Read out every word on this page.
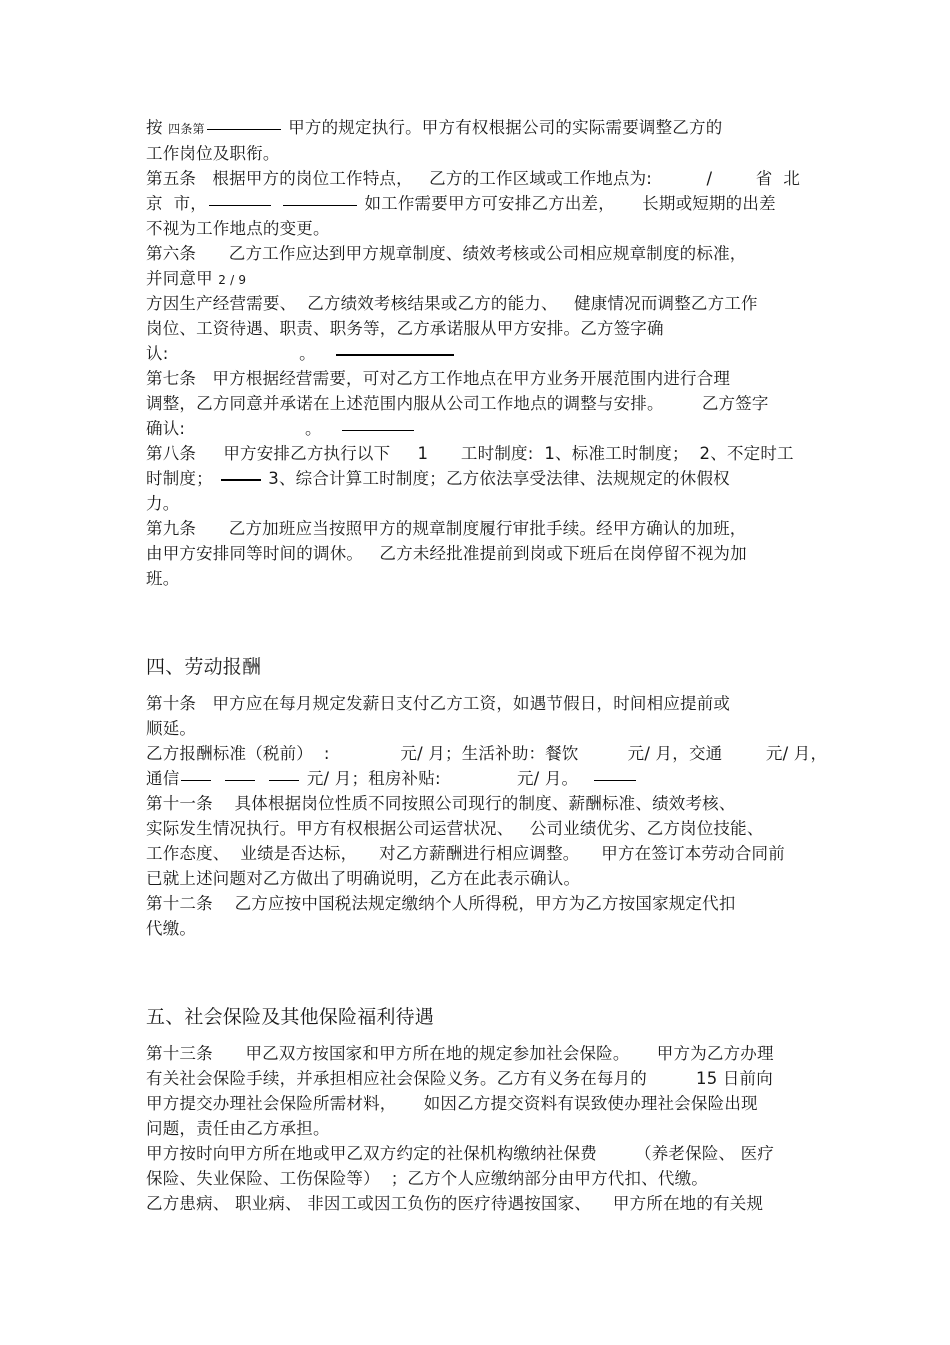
按 四条第	甲方的规定执行。甲方有权根据公司的实际需要调整乙方的
工作岗位及职衔。
第五条   根据甲方的岗位工作特点，   乙方的工作区域或工作地点为:          /        省  北
京  市，	如工作需要甲方可安排乙方出差，     长期或短期的出差
不视为工作地点的变更。
第六条      乙方工作应达到甲方规章制度、绩效考核或公司相应规章制度的标准，
并同意甲 2 / 9
方因生产经营需要、  乙方绩效考核结果或乙方的能力、   健康情况而调整乙方工作
岗位、工资待遇、职责、职务等，乙方承诺服从甲方安排。乙方签字确
认:                        。
第七条   甲方根据经营需要，可对乙方工作地点在甲方业务开展范围内进行合理
调整，乙方同意并承诺在上述范围内服从公司工作地点的调整与安排。       乙方签字
确认:                      。
第八条     甲方安排乙方执行以下     1      工时制度:  1、标准工时制度；  2、不定时工
时制度；	3、综合计算工时制度；乙方依法享受法律、法规规定的休假权
力。
第九条      乙方加班应当按照甲方的规章制度履行审批手续。经甲方确认的加班，
由甲方安排同等时间的调休。   乙方未经批准提前到岗或下班后在岗停留不视为加
班。
四、劳动报酬
第十条   甲方应在每月规定发薪日支付乙方工资，如遇节假日，时间相应提前或
顺延。
乙方报酬标准（税前）  :             元/ 月；生活补助：餐饮         元/ 月，交通        元/ 月，
通信	元/ 月；租房补贴:              元/ 月。
第十一条    具体根据岗位性质不同按照公司现行的制度、薪酬标准、绩效考核、
实际发生情况执行。甲方有权根据公司运营状况、   公司业绩优劣、乙方岗位技能、
工作态度、  业绩是否达标，    对乙方薪酬进行相应调整。    甲方在签订本劳动合同前
已就上述问题对乙方做出了明确说明，乙方在此表示确认。
第十二条    乙方应按中国税法规定缴纳个人所得税，甲方为乙方按国家规定代扣
代缴。
五、社会保险及其他保险福利待遇
第十三条      甲乙双方按国家和甲方所在地的规定参加社会保险。     甲方为乙方办理
有关社会保险手续，并承担相应社会保险义务。乙方有义务在每月的         15 日前向
甲方提交办理社会保险所需材料，     如因乙方提交资料有误致使办理社会保险出现
问题，责任由乙方承担。
甲方按时向甲方所在地或甲乙双方约定的社保机构缴纳社保费       （养老保险、 医疗
保险、失业保险、工伤保险等）  ；乙方个人应缴纳部分由甲方代扣、代缴。
乙方患病、 职业病、 非因工或因工负伤的医疗待遇按国家、    甲方所在地的有关规
